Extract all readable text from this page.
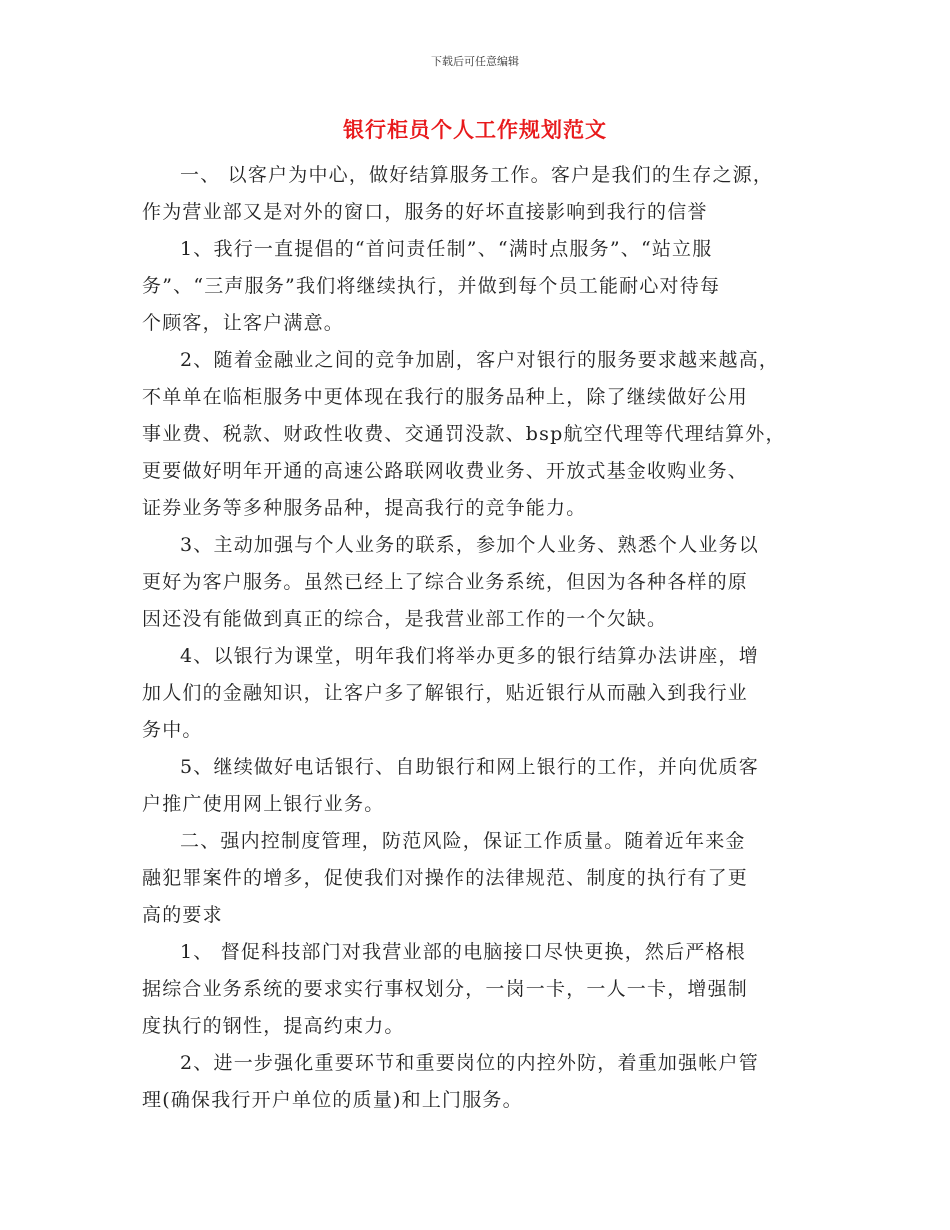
下载后可任意编辑
银行柜员个人工作规划范文
一、 以客户为中心，做好结算服务工作。客户是我们的生存之源，
作为营业部又是对外的窗口，服务的好坏直接影响到我行的信誉
1、我行一直提倡的“首问责任制”、“满时点服务”、“站立服
务”、“三声服务”我们将继续执行，并做到每个员工能耐心对待每
个顾客，让客户满意。
2、随着金融业之间的竞争加剧，客户对银行的服务要求越来越高，
不单单在临柜服务中更体现在我行的服务品种上，除了继续做好公用
事业费、税款、财政性收费、交通罚没款、bsp航空代理等代理结算外，
更要做好明年开通的高速公路联网收费业务、开放式基金收购业务、
证券业务等多种服务品种，提高我行的竞争能力。
3、主动加强与个人业务的联系，参加个人业务、熟悉个人业务以
更好为客户服务。虽然已经上了综合业务系统，但因为各种各样的原
因还没有能做到真正的综合，是我营业部工作的一个欠缺。
4、以银行为课堂，明年我们将举办更多的银行结算办法讲座，增
加人们的金融知识，让客户多了解银行，贴近银行从而融入到我行业
务中。
5、继续做好电话银行、自助银行和网上银行的工作，并向优质客
户推广使用网上银行业务。
二、强内控制度管理，防范风险，保证工作质量。随着近年来金
融犯罪案件的增多，促使我们对操作的法律规范、制度的执行有了更
高的要求
1、 督促科技部门对我营业部的电脑接口尽快更换，然后严格根
据综合业务系统的要求实行事权划分，一岗一卡，一人一卡，增强制
度执行的钢性，提高约束力。
2、进一步强化重要环节和重要岗位的内控外防，着重加强帐户管
理(确保我行开户单位的质量)和上门服务。
